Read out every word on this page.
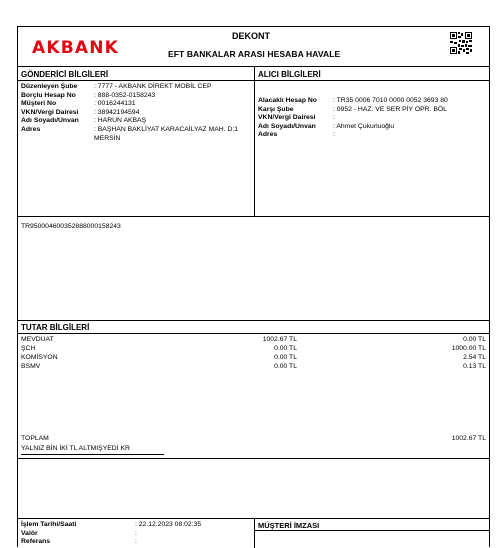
AKBANK
DEKONT
EFT BANKALAR ARASI HESABA HAVALE
GÖNDERİCİ BİLGİLERİ
Düzenleyen Şube	: 7777 - AKBANK DİREKT MOBİL CEP
Borçlu Hesap No	: 888-0352-0158243
Müşteri No	: 0016244131
VKN/Vergi Dairesi	: 38942194594
Adı Soyadı/Unvan	: HARUN AKBAŞ
Adres	: BAŞHAN BAKLİYAT KARACAİLYAZ MAH. D:1 MERSİN
ALICI BİLGİLERİ
Alacaklı Hesap No	: TR35 0006 7010 0000 0052 3693 80
Karşı Şube	: 0952 - HAZ. VE SER PİY OPR. BÖL
VKN/Vergi Dairesi	:
Adı Soyadı/Unvan	: Ahmet Çukurluoğlu
Adres	:
TR950004600352888000158243
TUTAR BİLGİLERİ
MEVDUAT	1002.67 TL	0.00 TL
ŞCH	0.00 TL	1000.00 TL
KOMİSYON	0.00 TL	2.54 TL
BSMV	0.00 TL	0.13 TL
TOPLAM	1002.67 TL
YALNIZ BİN İKİ TL ALTMIŞYEDİ KR
İşlem Tarihi/Saati	: 22.12.2023 08:02:35
Valör	:
Referans	:
MÜŞTERİ İMZASI
